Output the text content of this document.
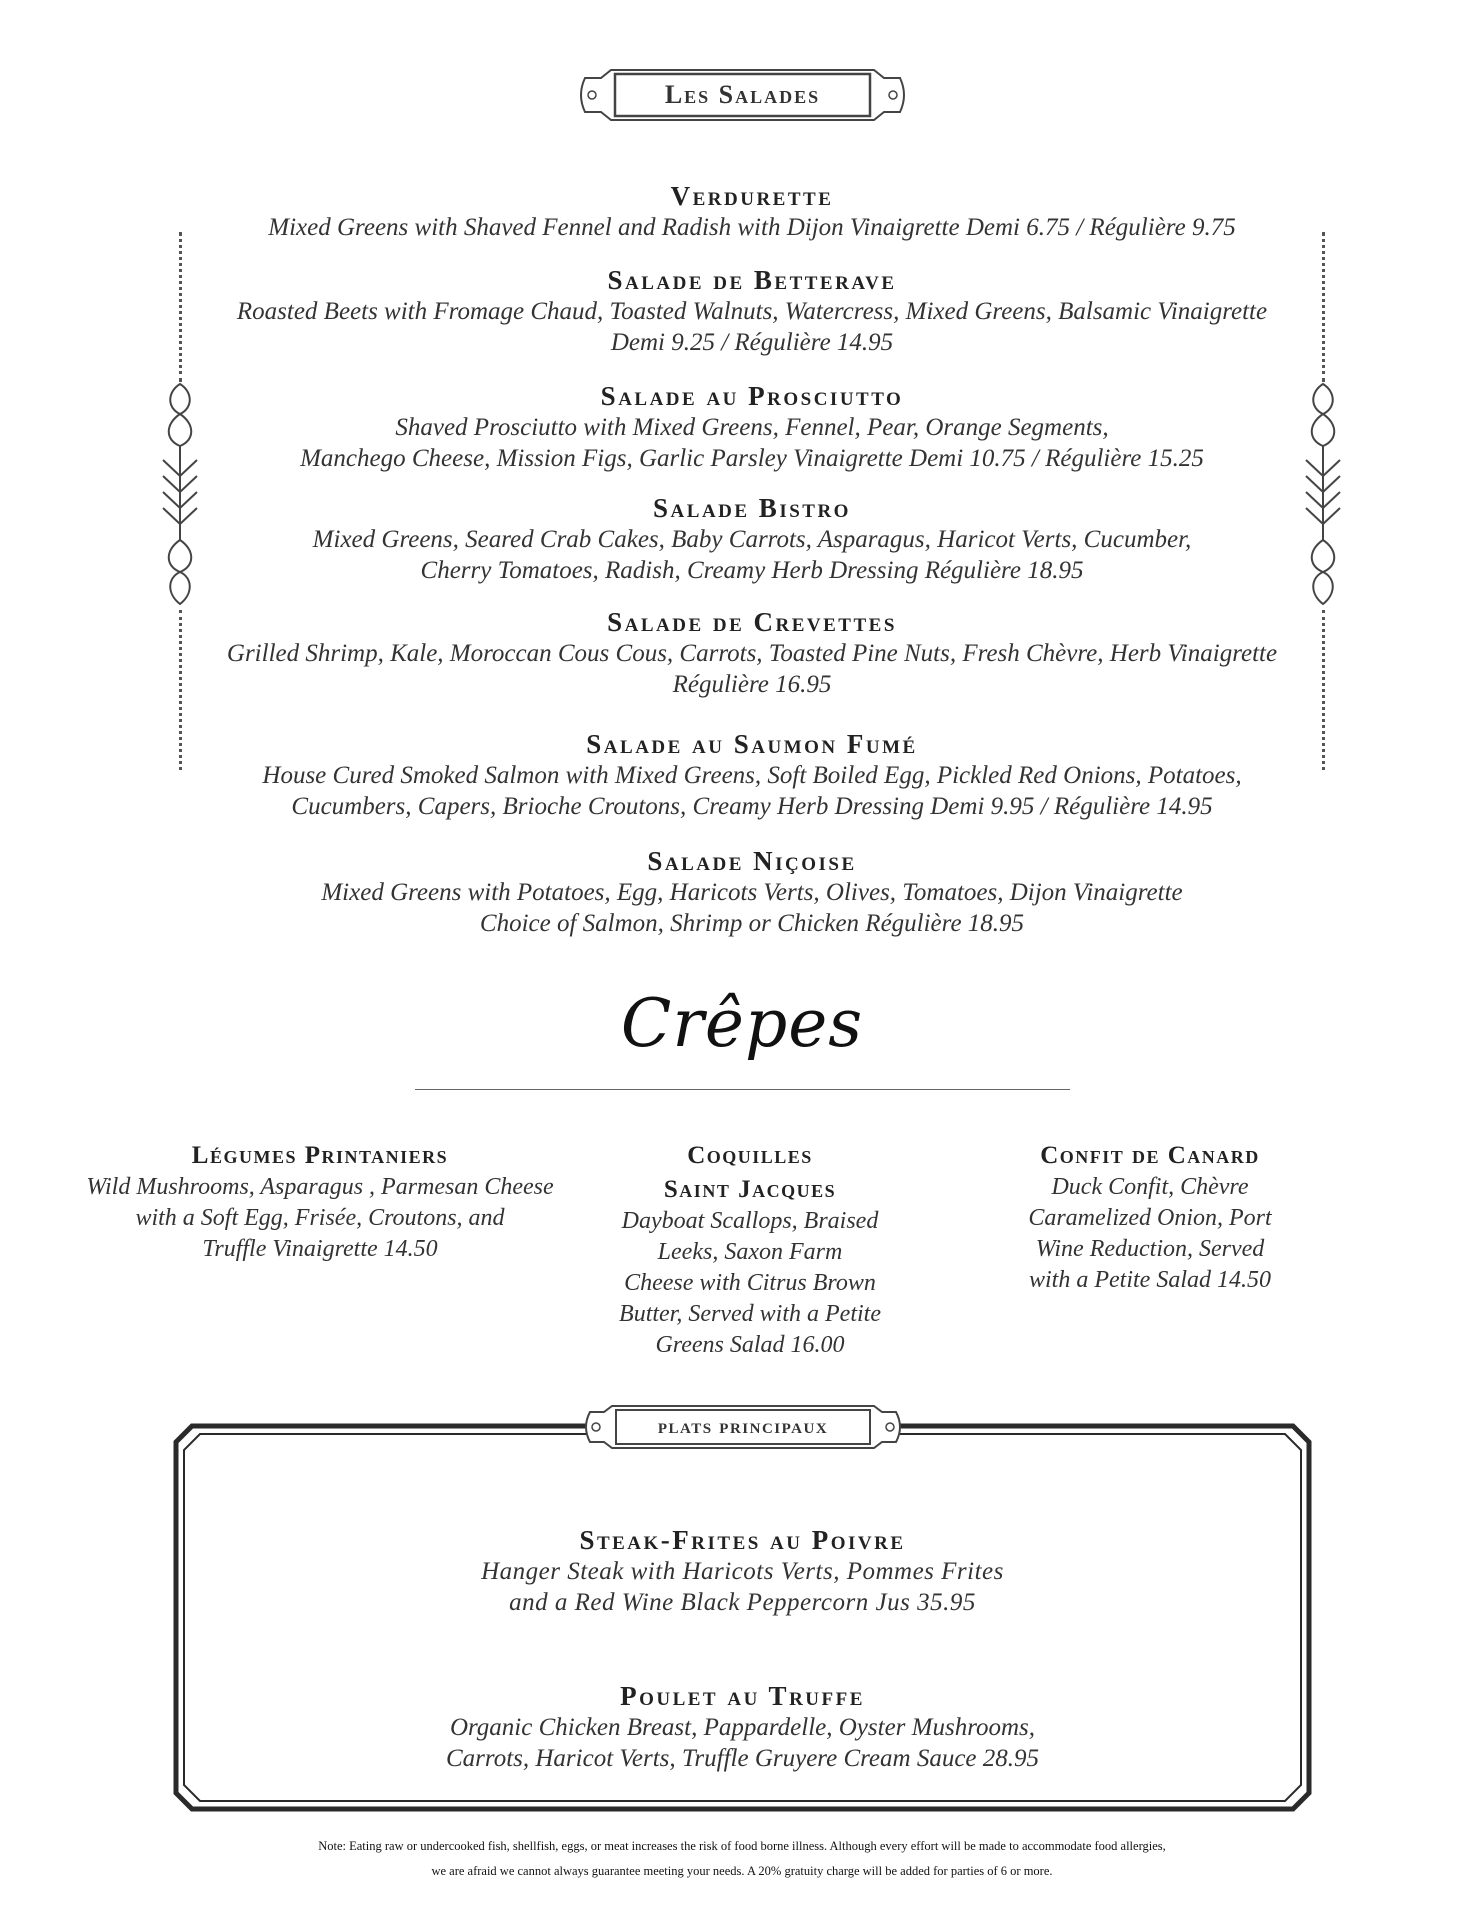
Les Salades
Verdurette
Mixed Greens with Shaved Fennel and Radish with Dijon Vinaigrette Demi 6.75 / Régulière 9.75
Salade de Betterave
Roasted Beets with Fromage Chaud, Toasted Walnuts, Watercress, Mixed Greens, Balsamic Vinaigrette
Demi 9.25 / Régulière 14.95
Salade au Prosciutto
Shaved Prosciutto with Mixed Greens, Fennel, Pear, Orange Segments,
Manchego Cheese, Mission Figs, Garlic Parsley Vinaigrette Demi 10.75 / Régulière 15.25
Salade Bistro
Mixed Greens, Seared Crab Cakes, Baby Carrots, Asparagus, Haricot Verts, Cucumber,
Cherry Tomatoes, Radish, Creamy Herb Dressing Régulière 18.95
Salade de Crevettes
Grilled Shrimp, Kale, Moroccan Cous Cous, Carrots, Toasted Pine Nuts, Fresh Chèvre, Herb Vinaigrette
Régulière 16.95
Salade au Saumon Fumé
House Cured Smoked Salmon with Mixed Greens, Soft Boiled Egg, Pickled Red Onions, Potatoes,
Cucumbers, Capers, Brioche Croutons, Creamy Herb Dressing Demi 9.95 / Régulière 14.95
Salade Niçoise
Mixed Greens with Potatoes, Egg, Haricots Verts, Olives, Tomatoes, Dijon Vinaigrette
Choice of Salmon, Shrimp or Chicken Régulière 18.95
Crêpes
Légumes Printaniers
Wild Mushrooms, Asparagus , Parmesan Cheese
with a Soft Egg, Frisée, Croutons, and
Truffle Vinaigrette 14.50
Coquilles
Saint Jacques
Dayboat Scallops, Braised
Leeks, Saxon Farm
Cheese with Citrus Brown
Butter, Served with a Petite
Greens Salad 16.00
Confit de Canard
Duck Confit, Chèvre
Caramelized Onion, Port
Wine Reduction, Served
with a Petite Salad 14.50
plats principaux
Steak-Frites au Poivre
Hanger Steak with Haricots Verts, Pommes Frites
and a Red Wine Black Peppercorn Jus 35.95
Poulet au Truffe
Organic Chicken Breast, Pappardelle, Oyster Mushrooms,
Carrots, Haricot Verts, Truffle Gruyere Cream Sauce 28.95
Note: Eating raw or undercooked fish, shellfish, eggs, or meat increases the risk of food borne illness. Although every effort will be made to accommodate food allergies,
we are afraid we cannot always guarantee meeting your needs. A 20% gratuity charge will be added for parties of 6 or more.
